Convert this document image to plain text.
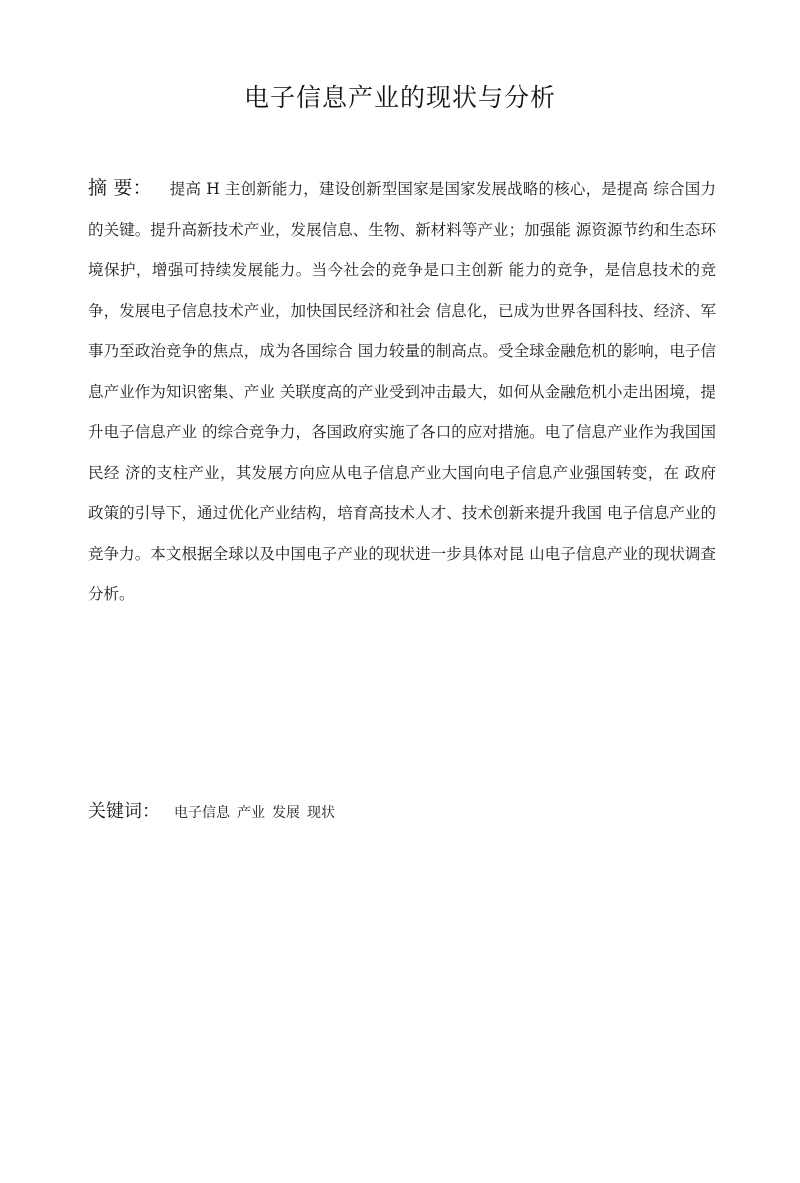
电子信息产业的现状与分析
摘 要： 提高 H 主创新能力，建设创新型国家是国家发展战略的核心，是提高 综合国力的关键。提升高新技术产业，发展信息、生物、新材料等产业；加强能 源资源节约和生态环境保护，增强可持续发展能力。当今社会的竞争是口主创新 能力的竞争，是信息技术的竞争，发展电子信息技术产业，加快国民经济和社会 信息化，已成为世界各国科技、经济、军事乃至政治竞争的焦点，成为各国综合 国力较量的制高点。受全球金融危机的影响，电子信息产业作为知识密集、产业 关联度高的产业受到冲击最大，如何从金融危机小走出困境，提升电子信息产业 的综合竞争力，各国政府实施了各口的应对措施。电了信息产业作为我国国民经 济的支柱产业，其发展方向应从电子信息产业大国向电子信息产业强国转变，在 政府政策的引导下，通过优化产业结构，培育高技术人才、技术创新来提升我国 电子信息产业的竞争力。本文根据全球以及中国电子产业的现状进一步具体对昆 山电子信息产业的现状调查分析。
关键词： 电子信息 产业 发展 现状
